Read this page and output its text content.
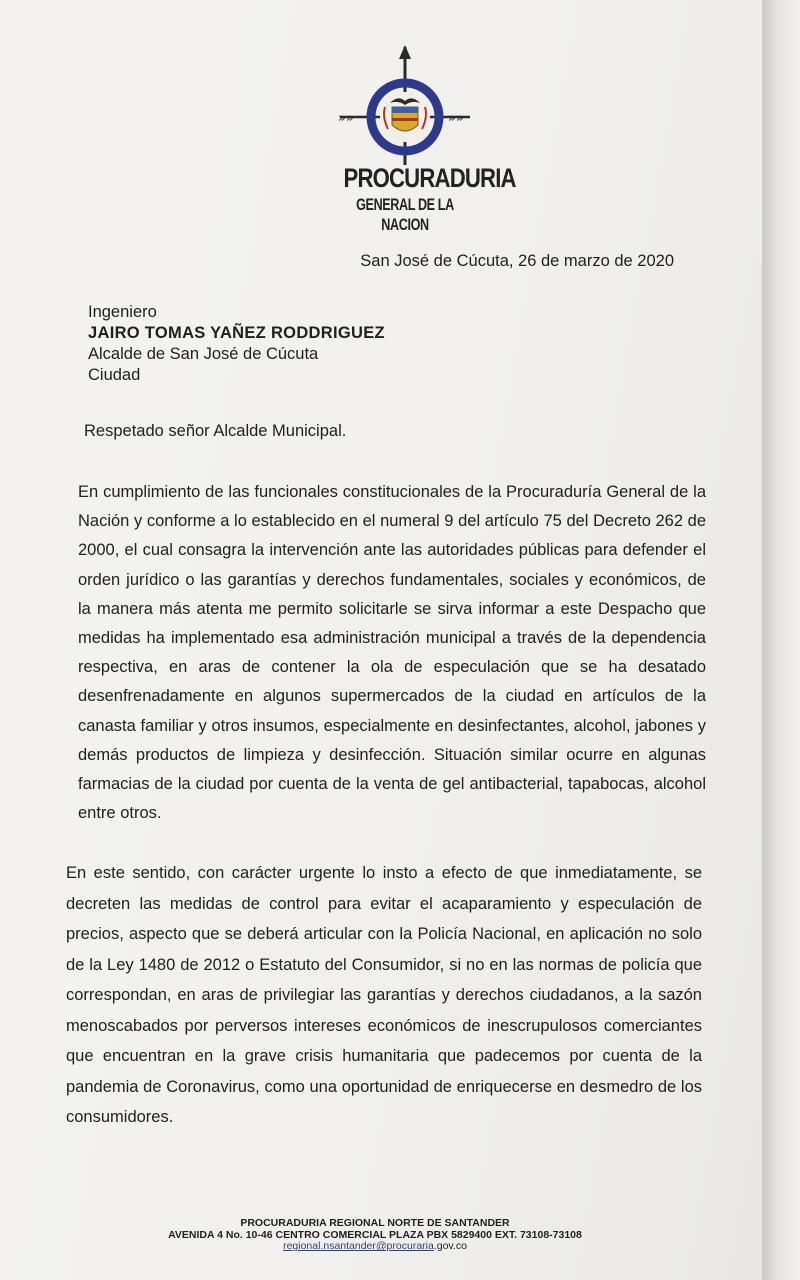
»»	»»
PROCURADURIA
GENERAL DE LA NACION
San José de Cúcuta, 26 de marzo de 2020
Ingeniero
JAIRO TOMAS YAÑEZ RODDRIGUEZ
Alcalde de San José de Cúcuta
Ciudad
Respetado señor Alcalde Municipal.
En cumplimiento de las funcionales constitucionales de la Procuraduría General de la Nación y conforme a lo establecido en el numeral 9 del artículo 75 del Decreto 262 de 2000, el cual consagra la intervención ante las autoridades públicas para defender el orden jurídico o las garantías y derechos fundamentales, sociales y económicos, de la manera más atenta me permito solicitarle se sirva informar a este Despacho que medidas ha implementado esa administración municipal a través de la dependencia respectiva, en aras de contener la ola de especulación que se ha desatado desenfrenadamente en algunos supermercados de la ciudad en artículos de la canasta familiar y otros insumos, especialmente en desinfectantes, alcohol, jabones y demás productos de limpieza y desinfección. Situación similar ocurre en algunas farmacias de la ciudad por cuenta de la venta de gel antibacterial, tapabocas, alcohol entre otros.
En este sentido, con carácter urgente lo insto a efecto de que inmediatamente, se decreten las medidas de control para evitar el acaparamiento y especulación de precios, aspecto que se deberá articular con la Policía Nacional, en aplicación no solo de la Ley 1480 de 2012 o Estatuto del Consumidor, si no en las normas de policía que correspondan, en aras de privilegiar las garantías y derechos ciudadanos, a la sazón menoscabados por perversos intereses económicos de inescrupulosos comerciantes que encuentran en la grave crisis humanitaria que padecemos por cuenta de la pandemia de Coronavirus, como una oportunidad de enriquecerse en desmedro de los consumidores.
PROCURADURIA REGIONAL NORTE DE SANTANDER
AVENIDA 4 No. 10-46 CENTRO COMERCIAL PLAZA PBX 5829400 EXT. 73108-73108
regional.nsantander@procuraria.gov.co
